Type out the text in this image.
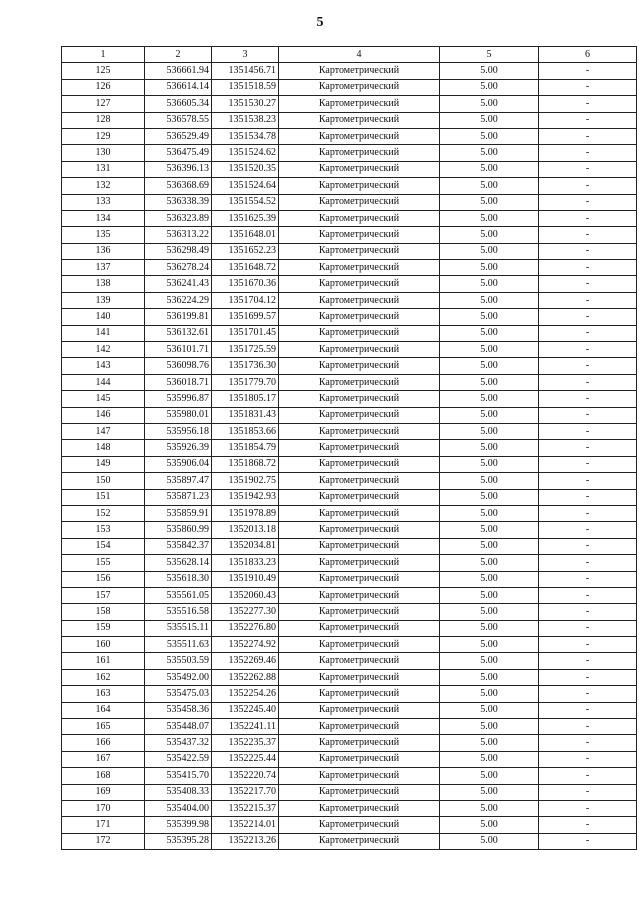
5
1	2	3	4	5	6
125	536661.94	1351456.71	Картометрический	5.00	-
126	536614.14	1351518.59	Картометрический	5.00	-
127	536605.34	1351530.27	Картометрический	5.00	-
128	536578.55	1351538.23	Картометрический	5.00	-
129	536529.49	1351534.78	Картометрический	5.00	-
130	536475.49	1351524.62	Картометрический	5.00	-
131	536396.13	1351520.35	Картометрический	5.00	-
132	536368.69	1351524.64	Картометрический	5.00	-
133	536338.39	1351554.52	Картометрический	5.00	-
134	536323.89	1351625.39	Картометрический	5.00	-
135	536313.22	1351648.01	Картометрический	5.00	-
136	536298.49	1351652.23	Картометрический	5.00	-
137	536278.24	1351648.72	Картометрический	5.00	-
138	536241.43	1351670.36	Картометрический	5.00	-
139	536224.29	1351704.12	Картометрический	5.00	-
140	536199.81	1351699.57	Картометрический	5.00	-
141	536132.61	1351701.45	Картометрический	5.00	-
142	536101.71	1351725.59	Картометрический	5.00	-
143	536098.76	1351736.30	Картометрический	5.00	-
144	536018.71	1351779.70	Картометрический	5.00	-
145	535996.87	1351805.17	Картометрический	5.00	-
146	535980.01	1351831.43	Картометрический	5.00	-
147	535956.18	1351853.66	Картометрический	5.00	-
148	535926.39	1351854.79	Картометрический	5.00	-
149	535906.04	1351868.72	Картометрический	5.00	-
150	535897.47	1351902.75	Картометрический	5.00	-
151	535871.23	1351942.93	Картометрический	5.00	-
152	535859.91	1351978.89	Картометрический	5.00	-
153	535860.99	1352013.18	Картометрический	5.00	-
154	535842.37	1352034.81	Картометрический	5.00	-
155	535628.14	1351833.23	Картометрический	5.00	-
156	535618.30	1351910.49	Картометрический	5.00	-
157	535561.05	1352060.43	Картометрический	5.00	-
158	535516.58	1352277.30	Картометрический	5.00	-
159	535515.11	1352276.80	Картометрический	5.00	-
160	535511.63	1352274.92	Картометрический	5.00	-
161	535503.59	1352269.46	Картометрический	5.00	-
162	535492.00	1352262.88	Картометрический	5.00	-
163	535475.03	1352254.26	Картометрический	5.00	-
164	535458.36	1352245.40	Картометрический	5.00	-
165	535448.07	1352241.11	Картометрический	5.00	-
166	535437.32	1352235.37	Картометрический	5.00	-
167	535422.59	1352225.44	Картометрический	5.00	-
168	535415.70	1352220.74	Картометрический	5.00	-
169	535408.33	1352217.70	Картометрический	5.00	-
170	535404.00	1352215.37	Картометрический	5.00	-
171	535399.98	1352214.01	Картометрический	5.00	-
172	535395.28	1352213.26	Картометрический	5.00	-
